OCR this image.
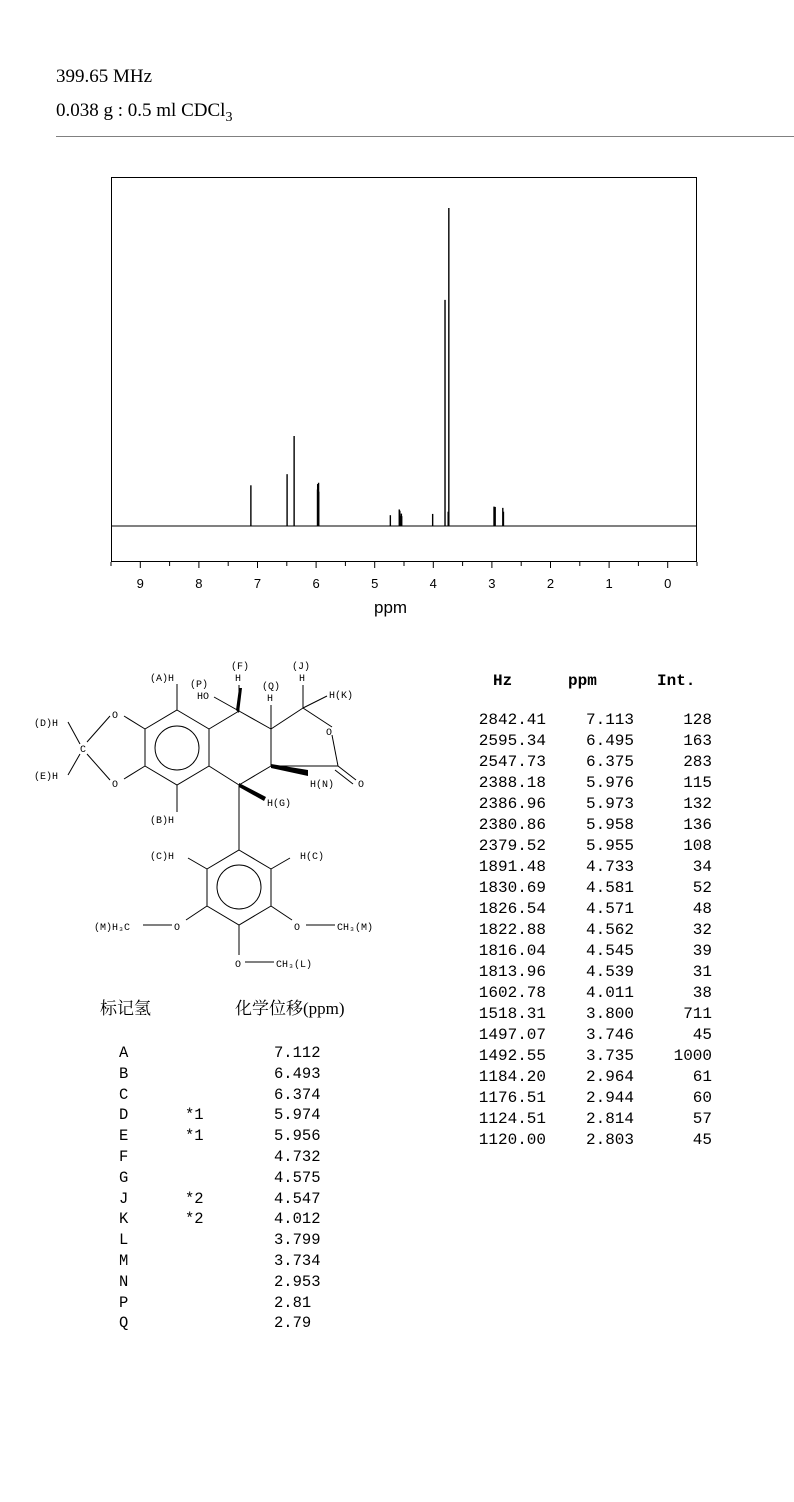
399.65 MHz
0.038 g : 0.5 ml CDCl$_3$
9	8	7	6	5	4	3	2	1	0
ppm
(A)H
(P)
HO
(F)
H
(Q)
H
(J)
H
H(K)
(D)H
(E)H
O
O
C
O
O
H(N)
H(G)
(B)H
(C)H	H(C)
(M)H₃C	O	O	CH₃(M)
O	CH₃(L)
标记氢	化学位移(ppm)
A	7.112
B	6.493
C	6.374
D	*1	5.974
E	*1	5.956
F	4.732
G	4.575
J	*2	4.547
K	*2	4.012
L	3.799
M	3.734
N	2.953
P	2.81
Q	2.79
Hz	ppm	Int.
2842.41 7.113	128
2595.34 6.495	163
2547.73 6.375	283
2388.18 5.976	115
2386.96 5.973	132
2380.86 5.958	136
2379.52 5.955	108
1891.48 4.733	34
1830.69 4.581	52
1826.54 4.571	48
1822.88 4.562	32
1816.04 4.545	39
1813.96 4.539	31
1602.78 4.011	38
1518.31 3.800	711
1497.07 3.746	45
1492.55 3.735 1000
1184.20 2.964	61
1176.51 2.944	60
1124.51 2.814	57
1120.00 2.803	45
